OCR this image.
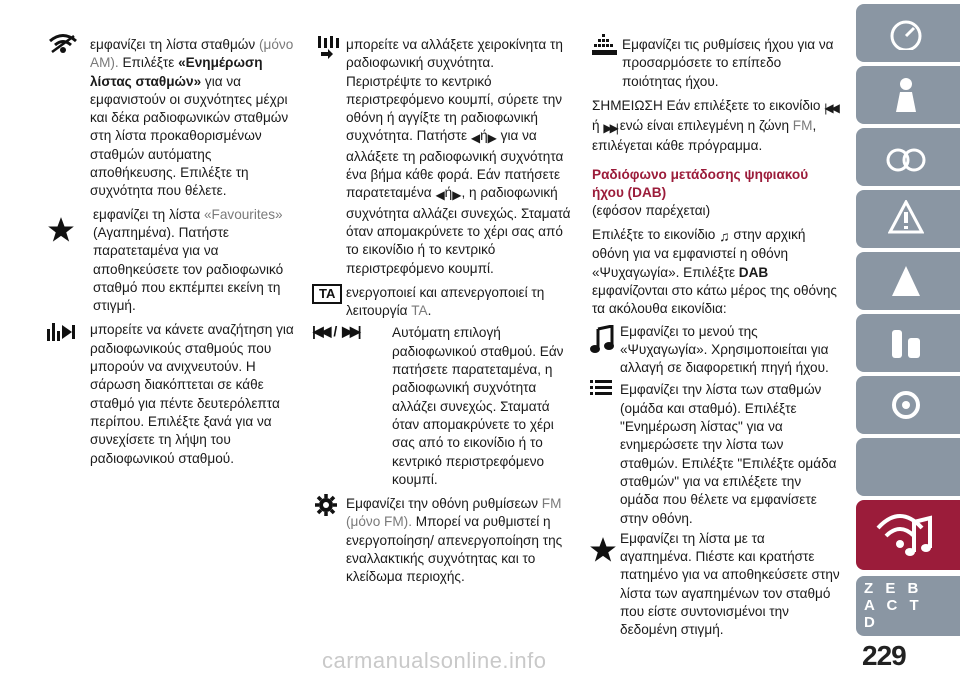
εμφανίζει τη λίστα σταθμών (μόνο AM). Επιλέξτε «Ενημέρωση λίστας σταθμών» για να εμφανιστούν οι συχνότητες μέχρι και δέκα ραδιοφωνικών σταθμών στη λίστα προκαθορισμένων σταθμών αυτόματης αποθήκευσης. Επιλέξτε τη συχνότητα που θέλετε.

εμφανίζει τη λίστα «Favourites» (Αγαπημένα). Πατήστε παρατεταμένα για να αποθηκεύσετε τον ραδιοφωνικό σταθμό που εκπέμπει εκείνη τη στιγμή.

μπορείτε να κάνετε αναζήτηση για ραδιοφωνικούς σταθμούς που μπορούν να ανιχνευτούν. Η σάρωση διακόπτεται σε κάθε σταθμό για πέντε δευτερόλεπτα περίπου. Επιλέξτε ξανά για να συνεχίσετε τη λήψη του ραδιοφωνικού σταθμού.

μπορείτε να αλλάξετε χειροκίνητα τη ραδιοφωνική συχνότητα. Περιστρέψτε το κεντρικό περιστρεφόμενο κουμπί, σύρετε την οθόνη ή αγγίξτε τη ραδιοφωνική συχνότητα. Πατήστε ◀ή▶ για να αλλάξετε τη ραδιοφωνική συχνότητα ένα βήμα κάθε φορά. Εάν πατήσετε παρατεταμένα ◀ή▶, η ραδιοφωνική συχνότητα αλλάζει συνεχώς. Σταματά όταν απομακρύνετε το χέρι σας από το εικονίδιο ή το κεντρικό περιστρεφόμενο κουμπί.

TA ενεργοποιεί και απενεργοποιεί τη λειτουργία TA.

|◀◀ / ▶▶| Αυτόματη επιλογή ραδιοφωνικού σταθμού. Εάν πατήσετε παρατεταμένα, η ραδιοφωνική συχνότητα αλλάζει συνεχώς. Σταματά όταν απομακρύνετε το χέρι σας από το εικονίδιο ή το κεντρικό περιστρεφόμενο κουμπί.

Εμφανίζει την οθόνη ρυθμίσεων FM (μόνο FM). Μπορεί να ρυθμιστεί η ενεργοποίηση/ απενεργοποίηση της εναλλακτικής συχνότητας και το κλείδωμα περιοχής.

Εμφανίζει τις ρυθμίσεις ήχου για να προσαρμόσετε το επίπεδο ποιότητας ήχου.

ΣΗΜΕΙΩΣΗ Εάν επιλέξετε το εικονίδιο |◀◀ ή ▶▶| ενώ είναι επιλεγμένη η ζώνη FM, επιλέγεται κάθε πρόγραμμα.

Ραδιόφωνο μετάδοσης ψηφιακού ήχου (DAB)

(εφόσον παρέχεται)

Επιλέξτε το εικονίδιο ♫ στην αρχική οθόνη για να εμφανιστεί η οθόνη «Ψυχαγωγία». Επιλέξτε DAB εμφανίζονται στο κάτω μέρος της οθόνης τα ακόλουθα εικονίδια:

Εμφανίζει το μενού της «Ψυχαγωγία». Χρησιμοποιείται για αλλαγή σε διαφορετική πηγή ήχου.

Εμφανίζει την λίστα των σταθμών (ομάδα και σταθμό). Επιλέξτε "Ενημέρωση λίστας" για να ενημερώσετε την λίστα των σταθμών. Επιλέξτε "Επιλέξτε ομάδα σταθμών" για να επιλέξετε την ομάδα που θέλετε να εμφανίσετε στην οθόνη.

Εμφανίζει τη λίστα με τα αγαπημένα. Πιέστε και κρατήστε πατημένο για να αποθηκεύσετε στην λίστα των αγαπημένων τον σταθμό που είστε συντονισμένοι την δεδομένη στιγμή.

Z E B A C T D
229
carmanualsonline.info
